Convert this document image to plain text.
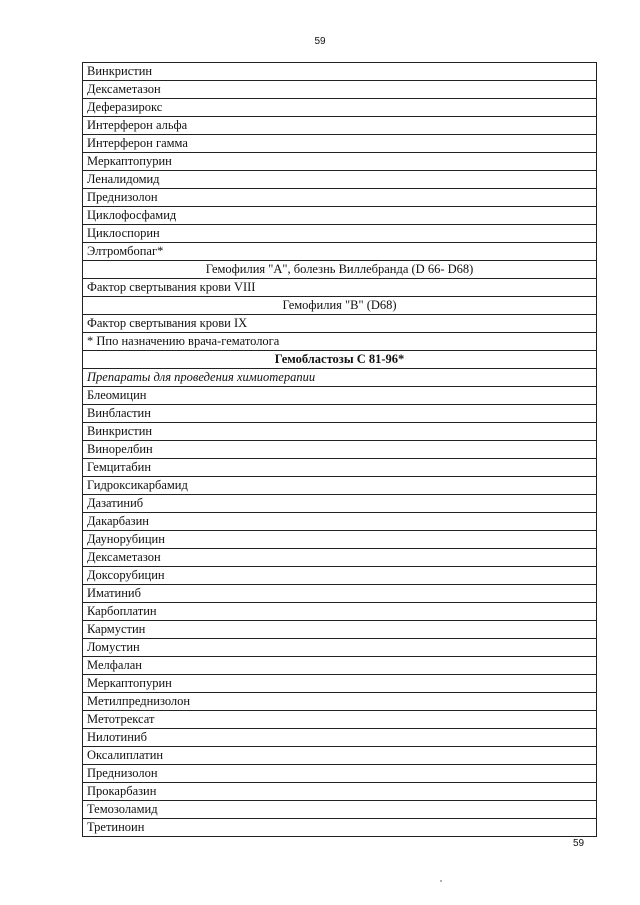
59
Винкристин
Дексаметазон
Деферазирокс
Интерферон альфа
Интерферон гамма
Меркаптопурин
Леналидомид
Преднизолон
Циклофосфамид
Циклоспорин
Элтромбопаг*
Гемофилия "А", болезнь Виллебранда (D 66- D68)
Фактор свертывания крови VIII
Гемофилия "В" (D68)
Фактор свертывания крови IX
* Ппо назначению врача-гематолога
Гемобластозы С 81-96*
Препараты для проведения химиотерапии
Блеомицин
Винбластин
Винкристин
Винорелбин
Гемцитабин
Гидроксикарбамид
Дазатиниб
Дакарбазин
Даунорубицин
Дексаметазон
Доксорубицин
Иматиниб
Карбоплатин
Кармустин
Ломустин
Мелфалан
Меркаптопурин
Метилпреднизолон
Метотрексат
Нилотиниб
Оксалиплатин
Преднизолон
Прокарбазин
Темозоламид
Третиноин
59
